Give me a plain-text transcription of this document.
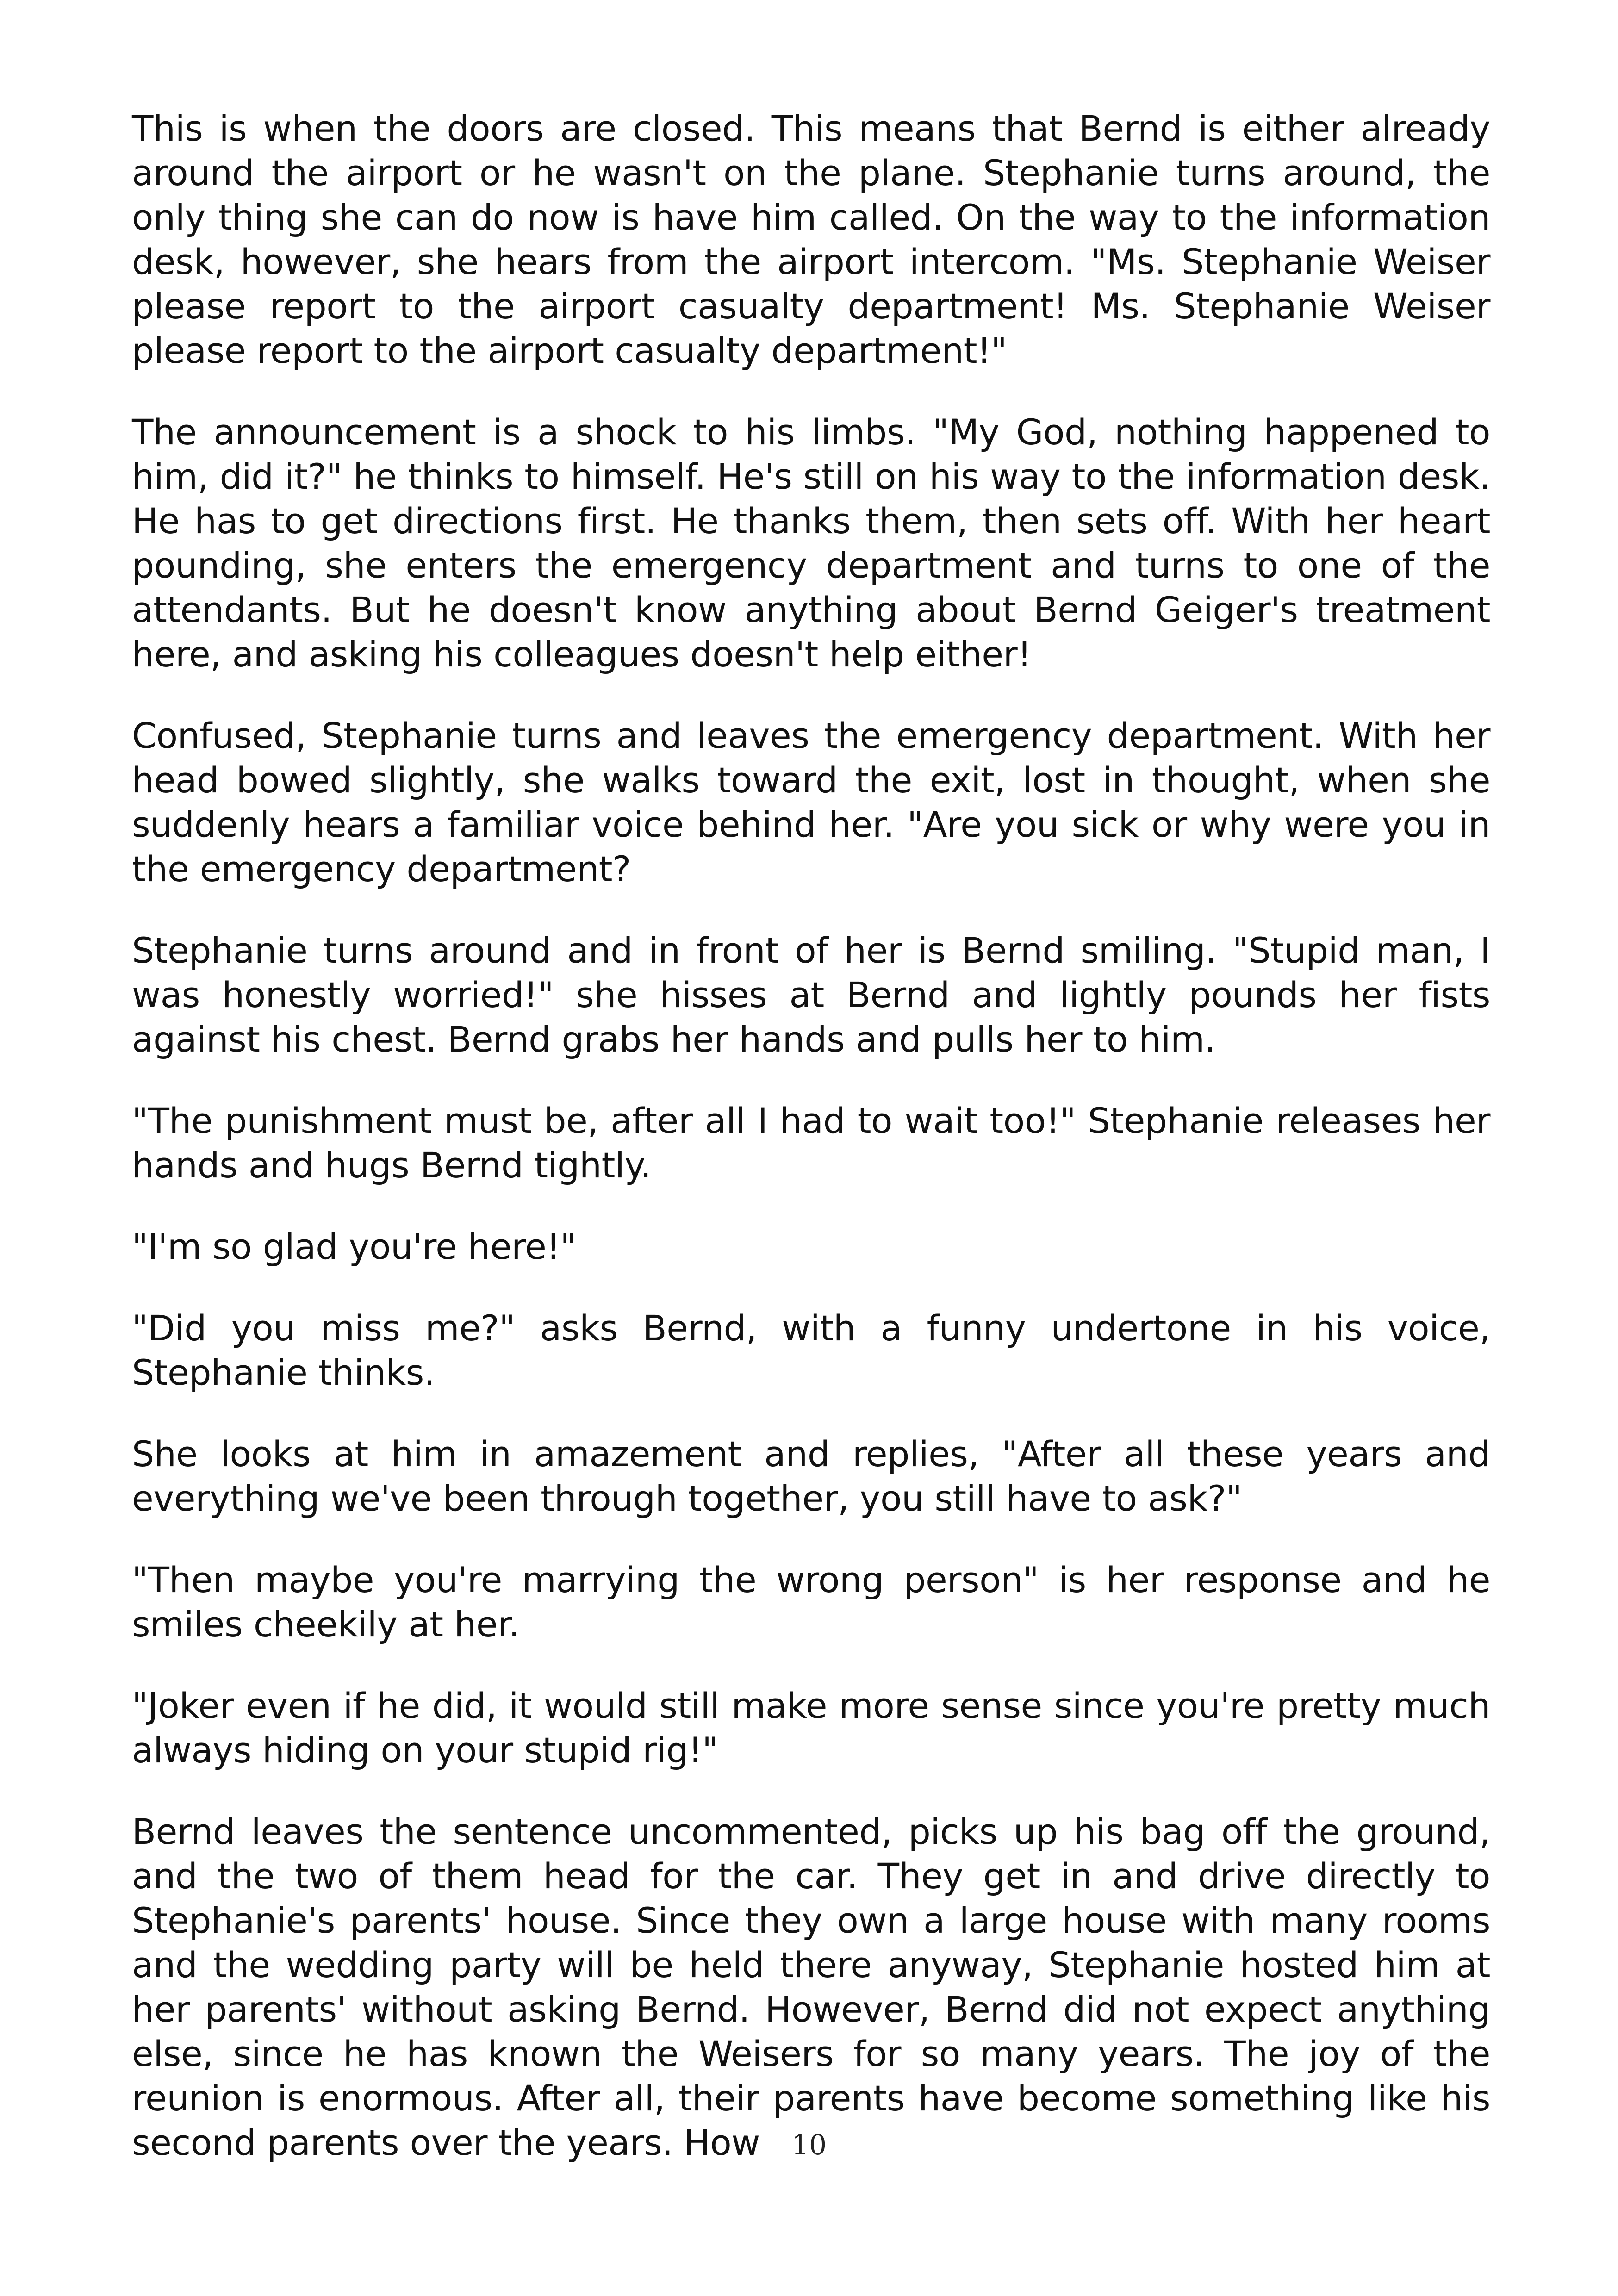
This is when the doors are closed. This means that Bernd is either already around the airport or he wasn't on the plane. Stephanie turns around, the only thing she can do now is have him called. On the way to the information desk, however, she hears from the airport intercom. "Ms. Stephanie Weiser please report to the airport casualty department! Ms. Stephanie Weiser please report to the airport casualty department!"

The announcement is a shock to his limbs. "My God, nothing happened to him, did it?" he thinks to himself. He's still on his way to the information desk. He has to get directions first. He thanks them, then sets off. With her heart pounding, she enters the emergency department and turns to one of the attendants. But he doesn't know anything about Bernd Geiger's treatment here, and asking his colleagues doesn't help either!

Confused, Stephanie turns and leaves the emergency department. With her head bowed slightly, she walks toward the exit, lost in thought, when she suddenly hears a familiar voice behind her. "Are you sick or why were you in the emergency department?

Stephanie turns around and in front of her is Bernd smiling. "Stupid man, I was honestly worried!" she hisses at Bernd and lightly pounds her fists against his chest. Bernd grabs her hands and pulls her to him.

"The punishment must be, after all I had to wait too!" Stephanie releases her hands and hugs Bernd tightly.

"I'm so glad you're here!"

"Did you miss me?" asks Bernd, with a funny undertone in his voice, Stephanie thinks.

She looks at him in amazement and replies, "After all these years and everything we've been through together, you still have to ask?"

"Then maybe you're marrying the wrong person" is her response and he smiles cheekily at her.

"Joker even if he did, it would still make more sense since you're pretty much always hiding on your stupid rig!"

Bernd leaves the sentence uncommented, picks up his bag off the ground, and the two of them head for the car. They get in and drive directly to Stephanie's parents' house. Since they own a large house with many rooms and the wedding party will be held there anyway, Stephanie hosted him at her parents' without asking Bernd. However, Bernd did not expect anything else, since he has known the Weisers for so many years. The joy of the reunion is enormous. After all, their parents have become something like his second parents over the years. How	10
